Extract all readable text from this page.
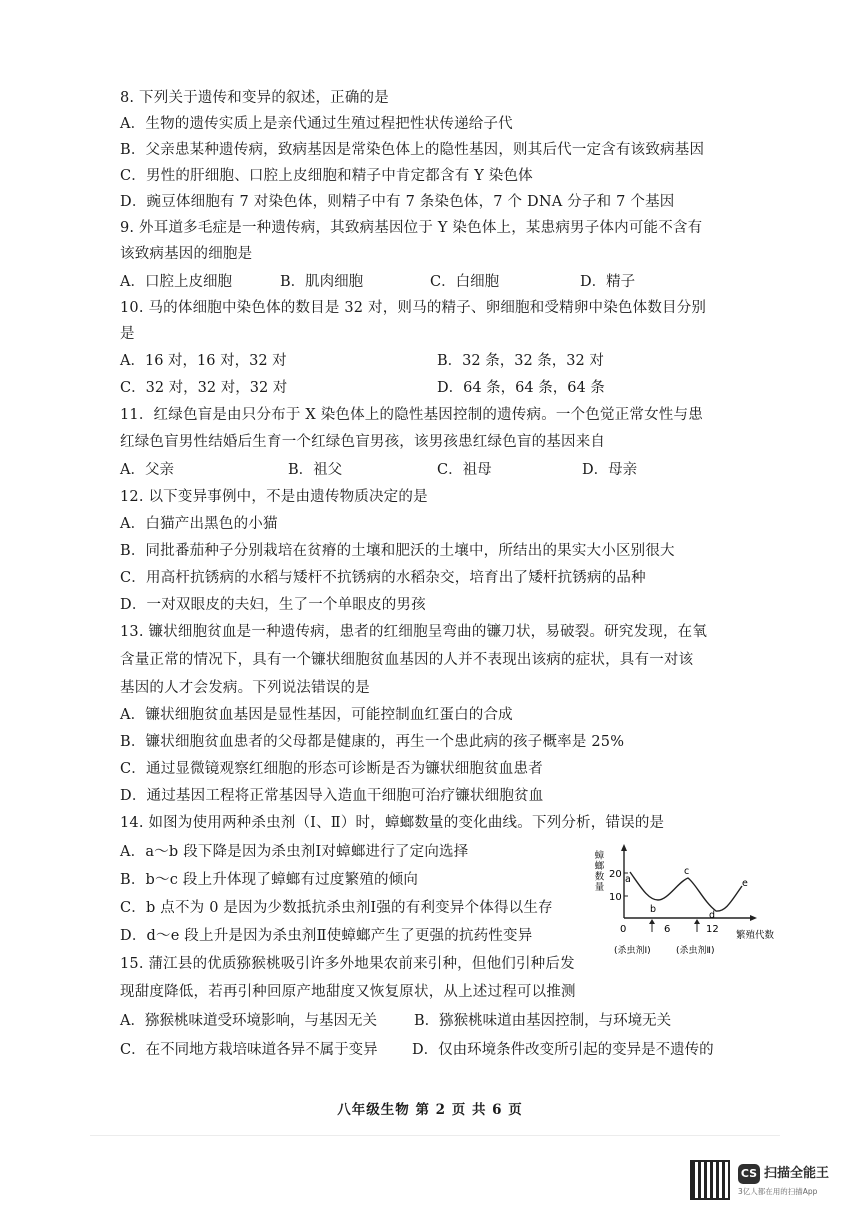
8. 下列关于遗传和变异的叙述，正确的是
A．生物的遗传实质上是亲代通过生殖过程把性状传递给子代
B．父亲患某种遗传病，致病基因是常染色体上的隐性基因，则其后代一定含有该致病基因
C．男性的肝细胞、口腔上皮细胞和精子中肯定都含有 Y 染色体
D．豌豆体细胞有 7 对染色体，则精子中有 7 条染色体，7 个 DNA 分子和 7 个基因
9. 外耳道多毛症是一种遗传病，其致病基因位于 Y 染色体上，某患病男子体内可能不含有
该致病基因的细胞是
A．口腔上皮细胞	B．肌肉细胞	C．白细胞	D．精子
10. 马的体细胞中染色体的数目是 32 对，则马的精子、卵细胞和受精卵中染色体数目分别
是
A．16 对，16 对，32 对	B．32 条，32 条，32 对
C．32 对，32 对，32 对	D．64 条，64 条，64 条
11．红绿色盲是由只分布于 X 染色体上的隐性基因控制的遗传病。一个色觉正常女性与患
红绿色盲男性结婚后生育一个红绿色盲男孩，该男孩患红绿色盲的基因来自
A．父亲	B．祖父	C．祖母	D．母亲
12. 以下变异事例中，不是由遗传物质决定的是
A．白猫产出黑色的小猫
B．同批番茄种子分别栽培在贫瘠的土壤和肥沃的土壤中，所结出的果实大小区别很大
C．用高杆抗锈病的水稻与矮杆不抗锈病的水稻杂交，培育出了矮杆抗锈病的品种
D．一对双眼皮的夫妇，生了一个单眼皮的男孩
13. 镰状细胞贫血是一种遗传病，患者的红细胞呈弯曲的镰刀状，易破裂。研究发现，在氧
含量正常的情况下，具有一个镰状细胞贫血基因的人并不表现出该病的症状，具有一对该
基因的人才会发病。下列说法错误的是
A．镰状细胞贫血基因是显性基因，可能控制血红蛋白的合成
B．镰状细胞贫血患者的父母都是健康的，再生一个患此病的孩子概率是 25%
C．通过显微镜观察红细胞的形态可诊断是否为镰状细胞贫血患者
D．通过基因工程将正常基因导入造血干细胞可治疗镰状细胞贫血
14. 如图为使用两种杀虫剂（Ⅰ、Ⅱ）时，蟑螂数量的变化曲线。下列分析，错误的是
A．a～b 段下降是因为杀虫剂Ⅰ对蟑螂进行了定向选择
B．b～c 段上升体现了蟑螂有过度繁殖的倾向
C．b 点不为 0 是因为少数抵抗杀虫剂Ⅰ强的有利变异个体得以生存
D．d～e 段上升是因为杀虫剂Ⅱ使蟑螂产生了更强的抗药性变异
蟑螂数量 20
10
a
b
c
d
e
0	6	12
繁殖代数
(杀虫剂Ⅰ)	(杀虫剂Ⅱ)
15. 蒲江县的优质猕猴桃吸引许多外地果农前来引种，但他们引种后发
现甜度降低，若再引种回原产地甜度又恢复原状，从上述过程可以推测
A．猕猴桃味道受环境影响，与基因无关	B．猕猴桃味道由基因控制，与环境无关
C．在不同地方栽培味道各异不属于变异 D．仅由环境条件改变所引起的变异是不遗传的
八年级生物 第 2 页 共 6 页
CS 扫描全能王
3亿人都在用的扫描App
